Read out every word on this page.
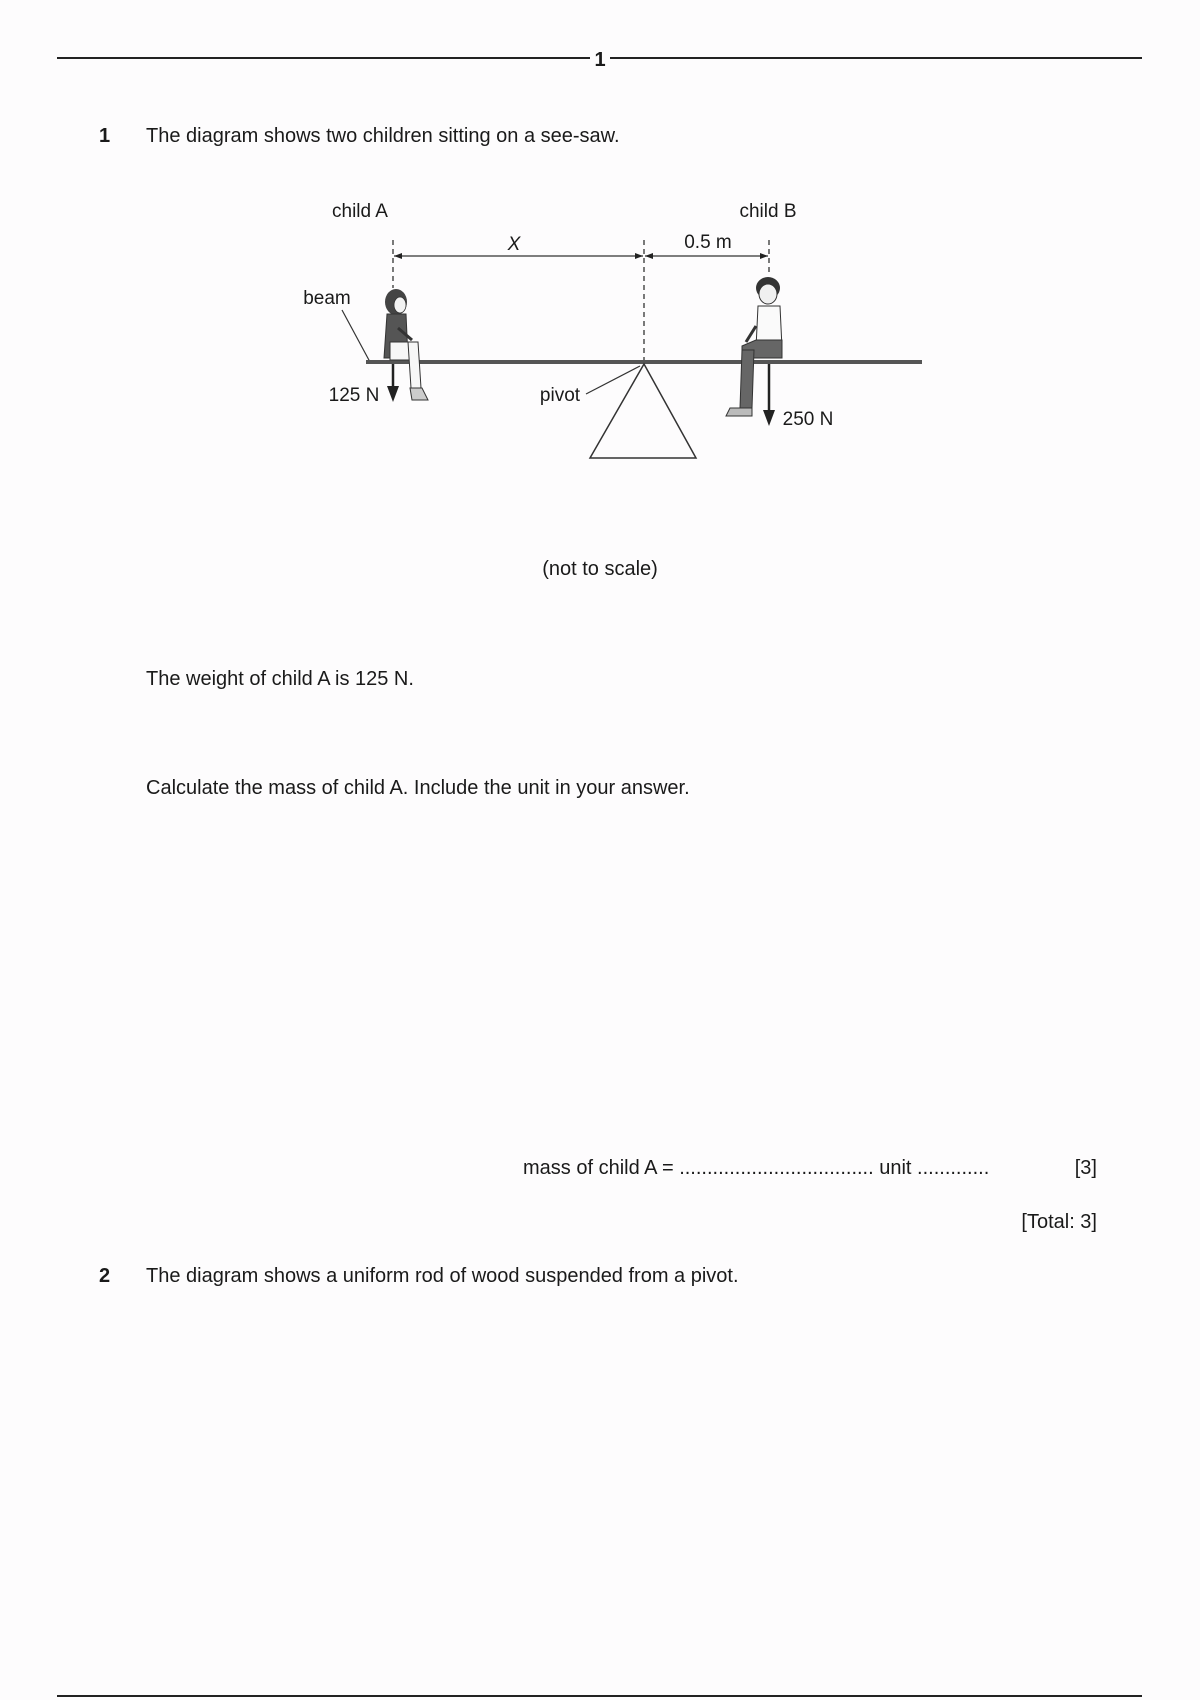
1
1 The diagram shows two children sitting on a see-saw.
child A	child B
X	0.5 m
beam
pivot
125 N
250 N
(not to scale)
The weight of child A is 125 N.
Calculate the mass of child A. Include the unit in your answer.
mass of child A = ................................... unit .............	[3]
[Total: 3]
2 The diagram shows a uniform rod of wood suspended from a pivot.
